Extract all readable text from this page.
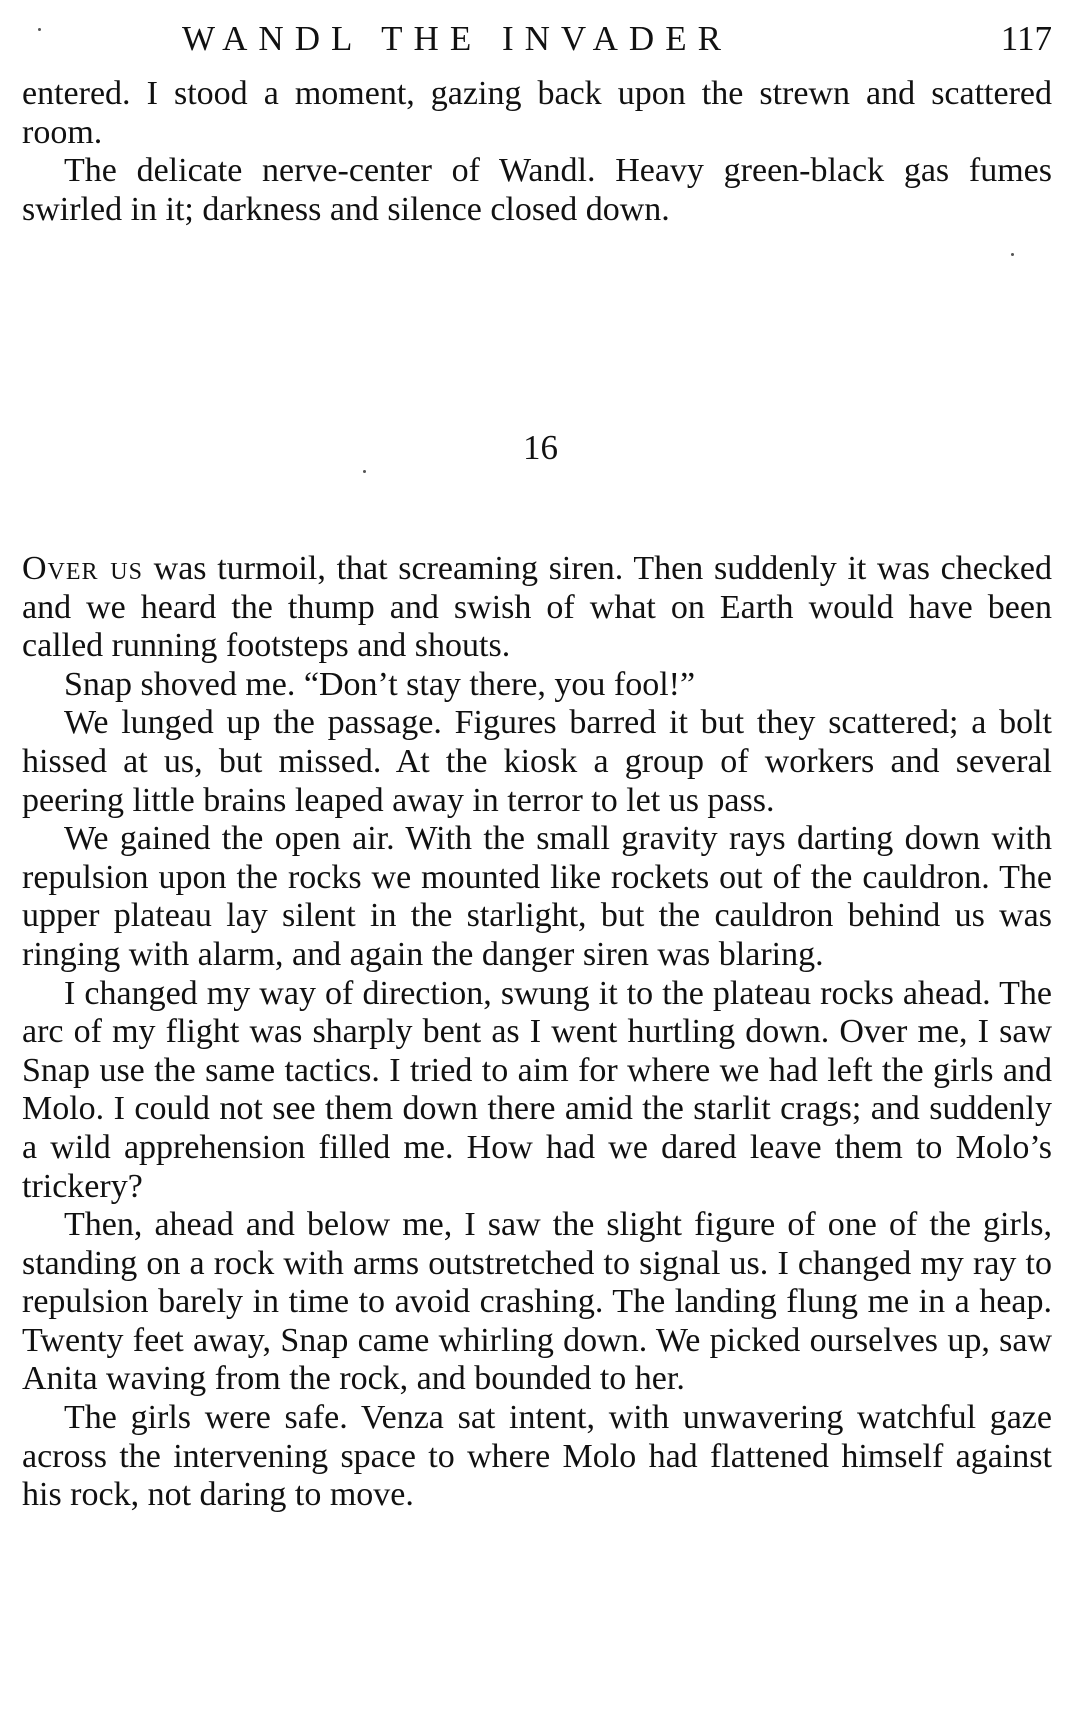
WANDL THE INVADER	117

entered. I stood a moment, gazing back upon the strewn and scattered room.

The delicate nerve-center of Wandl. Heavy green-black gas fumes swirled in it; darkness and silence closed down.

16

Over us was turmoil, that screaming siren. Then suddenly it was checked and we heard the thump and swish of what on Earth would have been called running footsteps and shouts.

Snap shoved me. “Don’t stay there, you fool!”

We lunged up the passage. Figures barred it but they scattered; a bolt hissed at us, but missed. At the kiosk a group of workers and several peering little brains leaped away in terror to let us pass.

We gained the open air. With the small gravity rays darting down with repulsion upon the rocks we mounted like rockets out of the cauldron. The upper plateau lay silent in the starlight, but the cauldron behind us was ringing with alarm, and again the danger siren was blaring.

I changed my way of direction, swung it to the plateau rocks ahead. The arc of my flight was sharply bent as I went hurtling down. Over me, I saw Snap use the same tactics. I tried to aim for where we had left the girls and Molo. I could not see them down there amid the starlit crags; and suddenly a wild apprehension filled me. How had we dared leave them to Molo’s trickery?

Then, ahead and below me, I saw the slight figure of one of the girls, standing on a rock with arms outstretched to signal us. I changed my ray to repulsion barely in time to avoid crashing. The landing flung me in a heap. Twenty feet away, Snap came whirling down. We picked ourselves up, saw Anita waving from the rock, and bounded to her.

The girls were safe. Venza sat intent, with unwavering watchful gaze across the intervening space to where Molo had flattened himself against his rock, not daring to move.
